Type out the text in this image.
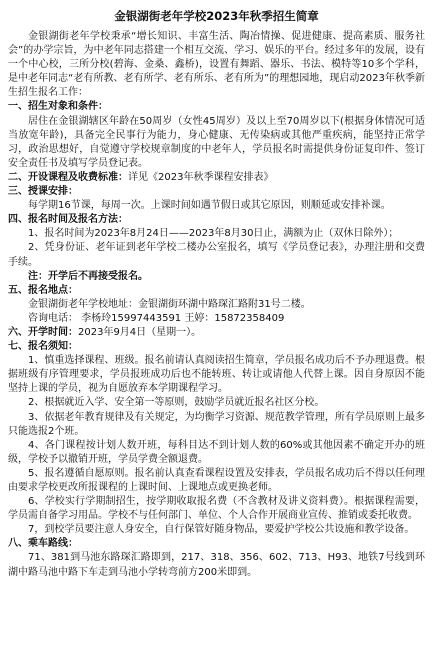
金银湖街老年学校2023年秋季招生简章

金银湖街老年学校秉承“增长知识、丰富生活、陶冶情操、促进健康、提高素质、服务社会”的办学宗旨，为中老年同志搭建一个相互交流、学习、娱乐的平台。经过多年的发展，设有一个中心校，三所分校(碧海、金桑、鑫桥)，设置有舞蹈、器乐、书法、模特等10多个学科，是中老年同志“老有所教、老有所学、老有所乐、老有所为”的理想园地，现启动2023年秋季新生招生报名工作：

一、招生对象和条件：

居住在金银湖辖区年龄在50周岁（女性45周岁）及以上至70周岁以下(根据身体情况可适当放宽年龄)，具备完全民事行为能力，身心健康、无传染病或其他严重疾病，能坚持正常学习，政治思想好，自觉遵守学校规章制度的中老年人，学员报名时需提供身份证复印件、签订安全责任书及填写学员登记表。

二、开设课程及收费标准：详见《2023年秋季课程安排表》

三、授课安排：

每学期16节课，每周一次。上课时间如遇节假日或其它原因，则顺延或安排补课。

四、报名时间及报名方法：

1、报名时间为2023年8月24日——2023年8月30日止，满额为止（双休日除外）；

2、凭身份证、老年证到老年学校二楼办公室报名，填写《学员登记表》，办理注册和交费手续。

注：开学后不再接受报名。

五、报名地点：

金银湖街老年学校地址：金银湖街环湖中路琛汇路附31号二楼。

咨询电话： 李杨玲15997443591 王婷：15872358409

六、开学时间：2023年9月4日（星期一）。

七、报名须知：

1、慎重选择课程、班级。报名前请认真阅读招生简章，学员报名成功后不予办理退费。根据班级有序管理要求，学员报班成功后也不能转班、转让或请他人代替上课。因自身原因不能坚持上课的学员，视为自愿放弃本学期课程学习。

2、根据就近入学、安全第一等原则，鼓励学员就近报名社区分校。

3、依据老年教育规律及有关规定，为均衡学习资源、规范教学管理，所有学员原则上最多只能选报2个班。

4、各门课程按计划人数开班，每科目达不到计划人数的60%或其他因素不确定开办的班级，学校予以撤销开班，学员学费全额退费。

5、报名遵循自愿原则。报名前认真查看课程设置及安排表，学员报名成功后不得以任何理由要求学校更改所报课程的上课时间、上课地点或更换老师。

6、学校实行学期制招生，按学期收取报名费（不含教材及讲义资料费）。根据课程需要，学员需自备学习用品。学校不与任何部门、单位、个人合作开展商业宣传、推销或委托收费。

7，到校学员要注意人身安全，自行保管好随身物品，要爱护学校公共设施和教学设备。

八、乘车路线：

71、381到马池东路琛汇路即到，217、318、356、602、713、H93、地铁7号线到环湖中路马池中路下车走到马池小学转弯前方200米即到。
